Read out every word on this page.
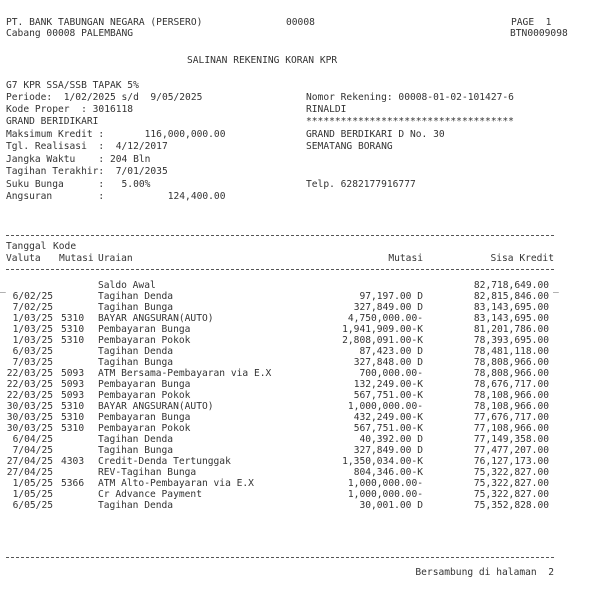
PT. BANK TABUNGAN NEGARA (PERSERO)	00008	PAGE  1
Cabang 00008 PALEMBANG	BTN0009098
SALINAN REKENING KORAN KPR
G7 KPR SSA/SSB TAPAK 5%
Periode:  1/02/2025 s/d  9/05/2025
Kode Proper  : 3016118
GRAND BERIDIKARI
Maksimum Kredit :       116,000,000.00
Tgl. Realisasi  :  4/12/2017
Jangka Waktu    : 204 Bln
Tagihan Terakhir:  7/01/2035
Suku Bunga      :   5.00%
Angsuran        :           124,400.00
Nomor Rekening: 00008-01-02-101427-6
RINALDI
************************************
GRAND BERDIKARI D No. 30
SEMATANG BORANG
Telp. 6282177916777
Tanggal Kode
Valuta Mutasi Uraian	Mutasi	Sisa Kredit
_	_
Saldo Awal	82,718,649.00
6/02/25	Tagihan Denda	97,197.00 D	82,815,846.00
7/02/25	Tagihan Bunga	327,849.00 D	83,143,695.00
1/03/25 5310 BAYAR ANGSURAN(AUTO)	4,750,000.00-	83,143,695.00
1/03/25 5310 Pembayaran Bunga	1,941,909.00-K	81,201,786.00
1/03/25 5310 Pembayaran Pokok	2,808,091.00-K	78,393,695.00
6/03/25	Tagihan Denda	87,423.00 D	78,481,118.00
7/03/25	Tagihan Bunga	327,848.00 D	78,808,966.00
22/03/25 5093 ATM Bersama-Pembayaran via E.X	700,000.00-	78,808,966.00
22/03/25 5093 Pembayaran Bunga	132,249.00-K	78,676,717.00
22/03/25 5093 Pembayaran Pokok	567,751.00-K	78,108,966.00
30/03/25 5310 BAYAR ANGSURAN(AUTO)	1,000,000.00-	78,108,966.00
30/03/25 5310 Pembayaran Bunga	432,249.00-K	77,676,717.00
30/03/25 5310 Pembayaran Pokok	567,751.00-K	77,108,966.00
6/04/25	Tagihan Denda	40,392.00 D	77,149,358.00
7/04/25	Tagihan Bunga	327,849.00 D	77,477,207.00
27/04/25 4303 Credit-Denda Tertunggak	1,350,034.00-K	76,127,173.00
27/04/25	REV-Tagihan Bunga	804,346.00-K	75,322,827.00
1/05/25 5366 ATM Alto-Pembayaran via E.X	1,000,000.00-	75,322,827.00
1/05/25	Cr Advance Payment	1,000,000.00-	75,322,827.00
6/05/25	Tagihan Denda	30,001.00 D	75,352,828.00
Bersambung di halaman  2
